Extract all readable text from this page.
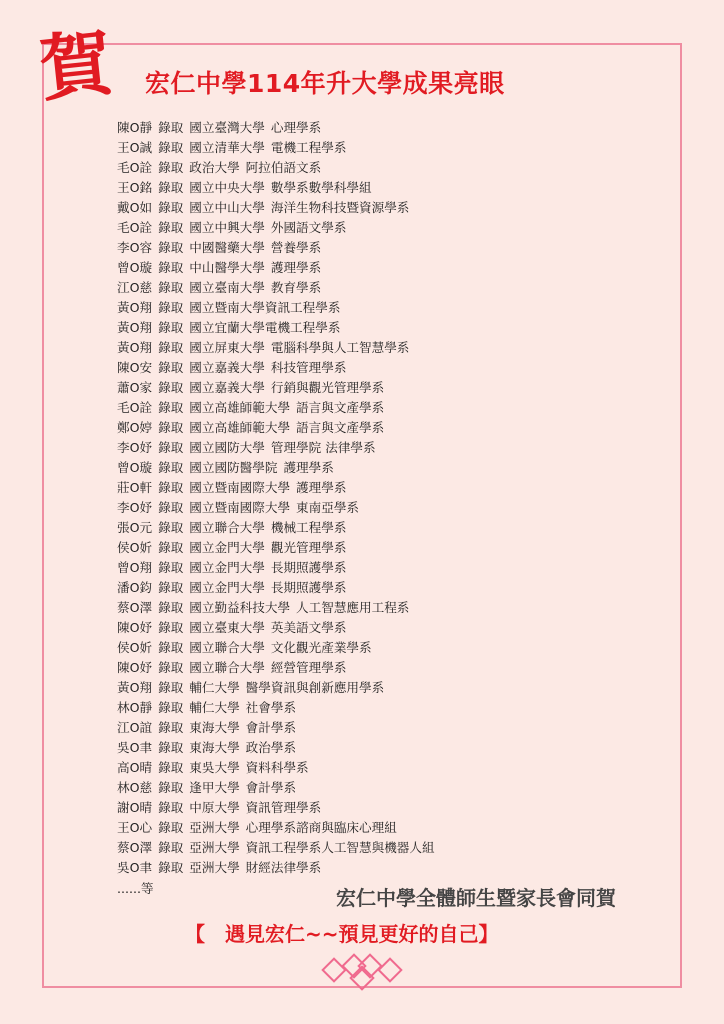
賀 宏仁中學114年升大學成果亮眼
陳O靜 錄取 國立臺灣大學 心理學系
王O誠 錄取 國立清華大學 電機工程學系
毛O詮 錄取 政治大學 阿拉伯語文系
王O銘 錄取 國立中央大學 數學系數學科學組
戴O如 錄取 國立中山大學 海洋生物科技暨資源學系
毛O詮 錄取 國立中興大學 外國語文學系
李O容 錄取 中國醫藥大學 營養學系
曾O璇 錄取 中山醫學大學 護理學系
江O慈 錄取 國立臺南大學 教育學系
黃O翔 錄取 國立暨南大學資訊工程學系
黃O翔 錄取 國立宜蘭大學電機工程學系
黃O翔 錄取 國立屏東大學 電腦科學與人工智慧學系
陳O安 錄取 國立嘉義大學 科技管理學系
蕭O家 錄取 國立嘉義大學 行銷與觀光管理學系
毛O詮 錄取 國立高雄師範大學 語言與文產學系
鄭O婷 錄取 國立高雄師範大學 語言與文產學系
李O妤 錄取 國立國防大學 管理學院 法律學系
曾O璇 錄取 國立國防醫學院 護理學系
莊O軒 錄取 國立暨南國際大學 護理學系
李O妤 錄取 國立暨南國際大學 東南亞學系
張O元 錄取 國立聯合大學 機械工程學系
侯O妡 錄取 國立金門大學 觀光管理學系
曾O翔 錄取 國立金門大學 長期照護學系
潘O鈞 錄取 國立金門大學 長期照護學系
蔡O澤 錄取 國立勤益科技大學 人工智慧應用工程系
陳O妤 錄取 國立臺東大學 英美語文學系
侯O妡 錄取 國立聯合大學 文化觀光產業學系
陳O妤 錄取 國立聯合大學 經營管理學系
黃O翔 錄取 輔仁大學 醫學資訊與創新應用學系
林O靜 錄取 輔仁大學 社會學系
江O誼 錄取 東海大學 會計學系
吳O聿 錄取 東海大學 政治學系
高O晴 錄取 東吳大學 資料科學系
林O慈 錄取 逢甲大學 會計學系
謝O晴 錄取 中原大學 資訊管理學系
王O心 錄取 亞洲大學 心理學系諮商與臨床心理組
蔡O澤 錄取 亞洲大學 資訊工程學系人工智慧與機器人組
吳O聿 錄取 亞洲大學 財經法律學系
......等	宏仁中學全體師生暨家長會同賀
【　遇見宏仁~~預見更好的自己】
